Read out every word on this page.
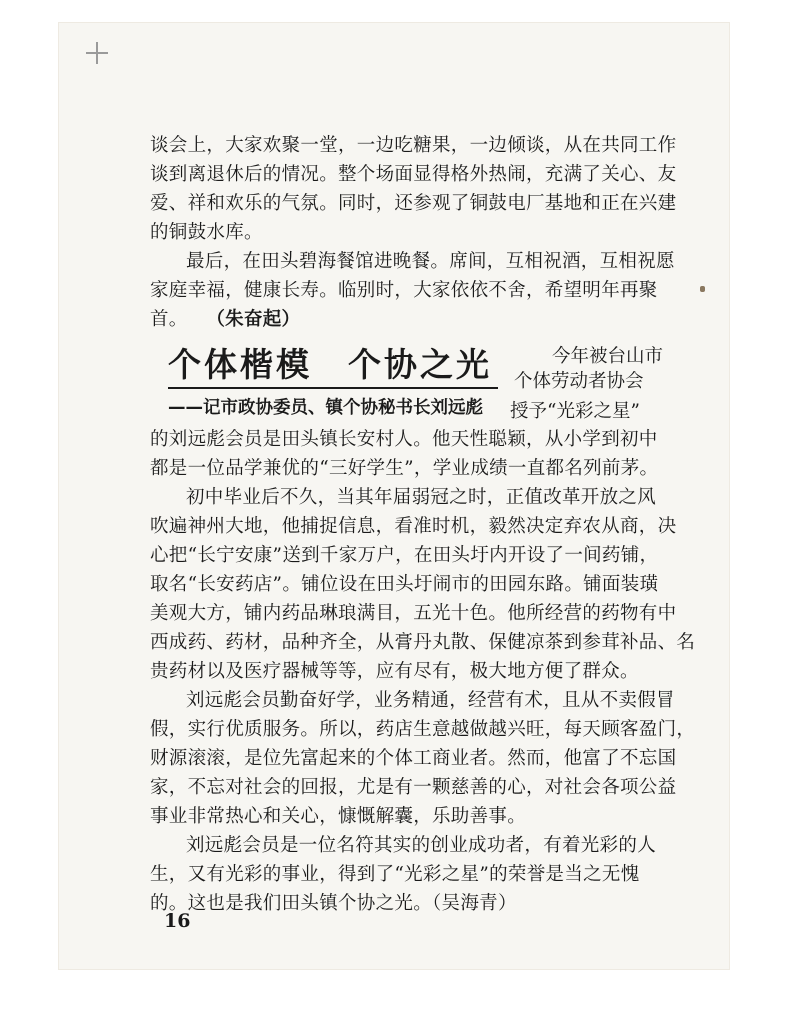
谈会上，大家欢聚一堂，一边吃糖果，一边倾谈，从在共同工作
谈到离退休后的情况。整个场面显得格外热闹，充满了关心、友
爱、祥和欢乐的气氛。同时，还参观了铜鼓电厂基地和正在兴建
的铜鼓水库。
最后，在田头碧海餐馆进晚餐。席间，互相祝酒，互相祝愿
家庭幸福，健康长寿。临别时，大家依依不舍，希望明年再聚
首。 （朱奋起）
个体楷模　个协之光
——记市政协委员、镇个协秘书长刘远彪
今年被台山市
个体劳动者协会
授予“光彩之星”
的刘远彪会员是田头镇长安村人。他天性聪颖，从小学到初中
都是一位品学兼优的“三好学生”，学业成绩一直都名列前茅。
初中毕业后不久，当其年届弱冠之时，正值改革开放之风
吹遍神州大地，他捕捉信息，看准时机，毅然决定弃农从商，决
心把“长宁安康”送到千家万户，在田头圩内开设了一间药铺，
取名“长安药店”。铺位设在田头圩闹市的田园东路。铺面装璜
美观大方，铺内药品琳琅满目，五光十色。他所经营的药物有中
西成药、药材，品种齐全，从膏丹丸散、保健凉茶到参茸补品、名
贵药材以及医疗器械等等，应有尽有，极大地方便了群众。
刘远彪会员勤奋好学，业务精通，经营有术，且从不卖假冒
假，实行优质服务。所以，药店生意越做越兴旺，每天顾客盈门，
财源滚滚，是位先富起来的个体工商业者。然而，他富了不忘国
家，不忘对社会的回报，尤是有一颗慈善的心，对社会各项公益
事业非常热心和关心，慷慨解囊，乐助善事。
刘远彪会员是一位名符其实的创业成功者，有着光彩的人
生，又有光彩的事业，得到了“光彩之星”的荣誉是当之无愧
的。这也是我们田头镇个协之光。（吴海青）
16
